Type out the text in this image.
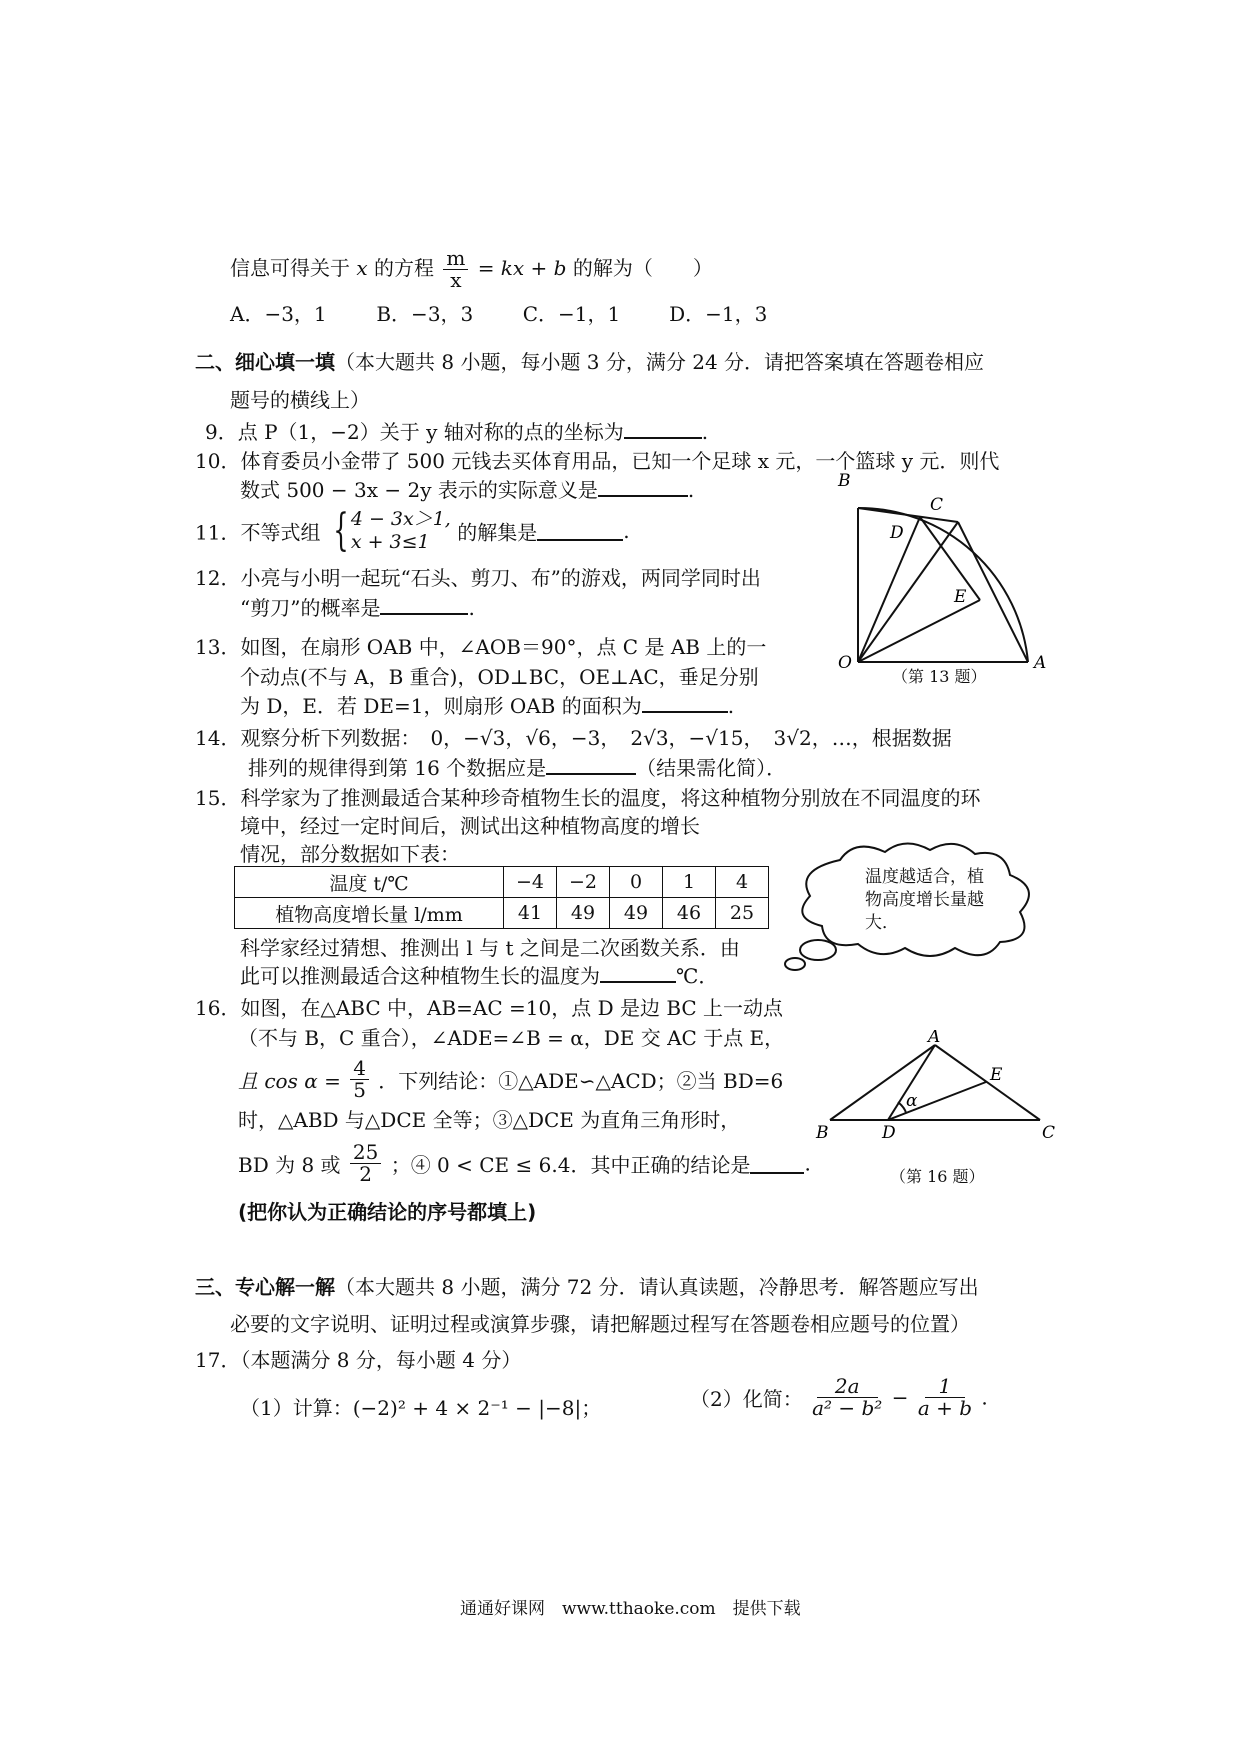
信息可得关于 x 的方程 $\frac{m}{x}$ = kx + b 的解为（　　）
A．−3，1 B．−3，3 C．−1，1 D．−1，3
二、细心填一填（本大题共 8 小题，每小题 3 分，满分 24 分．请把答案填在答题卷相应
题号的横线上）
9．点 P（1，−2）关于 y 轴对称的点的坐标为	.
10．体育委员小金带了 500 元钱去买体育用品，已知一个足球 x 元，一个篮球 y 元．则代
数式 500 − 3x − 2y 表示的实际意义是	.
11．不等式组 { 4 − 3x＞1,
x + 3≤1	的解集是	.
12．小亮与小明一起玩“石头、剪刀、布”的游戏，两同学同时出
“剪刀”的概率是	.
13．如图，在扇形 OAB 中，∠AOB＝90°，点 C 是 AB 上的一
个动点(不与 A，B 重合)，OD⊥BC，OE⊥AC，垂足分别
为 D，E．若 DE=1，则扇形 OAB 的面积为	.
B
C
D
E
O	A
（第 13 题）
14．观察分析下列数据：　0，−√3，√6，−3，　2√3，−√15，　3√2，…，根据数据
排列的规律得到第 16 个数据应是	（结果需化简）．
15．科学家为了推测最适合某种珍奇植物生长的温度，将这种植物分别放在不同温度的环
境中，经过一定时间后，测试出这种植物高度的增长
情况，部分数据如下表：
温度 t/℃	−4	−2	0	1	4
植物高度增长量 l/mm	41	49	49	46	25
科学家经过猜想、推测出 l 与 t 之间是二次函数关系．由
此可以推测最适合这种植物生长的温度为	℃．
温度越适合，植物高度增长量越大．
16．如图，在△ABC 中，AB=AC =10，点 D 是边 BC 上一动点
（不与 B，C 重合），∠ADE=∠B = α，DE 交 AC 于点 E，
且 $\cos \alpha = \frac{4}{5}$ ．下列结论：①△ADE∽△ACD；②当 BD=6
时，△ABD 与△DCE 全等；③△DCE 为直角三角形时，
BD 为 8 或 $\frac{25}{2}$ ；④ 0 < CE ≤ 6.4．其中正确的结论是	.
(把你认为正确结论的序号都填上)
A
E
α
B	D	C
（第 16 题）
三、专心解一解（本大题共 8 小题，满分 72 分．请认真读题，冷静思考．解答题应写出
必要的文字说明、证明过程或演算步骤，请把解题过程写在答题卷相应题号的位置）
17．（本题满分 8 分，每小题 4 分）
（1）计算：(−2)² + 4 × 2⁻¹ − |−8|；	（2）化简： $\frac{2a}{\text{a² − b²}} - \frac{1}{a + b}$ .
通通好课网　www.tthaoke.com　提供下载
